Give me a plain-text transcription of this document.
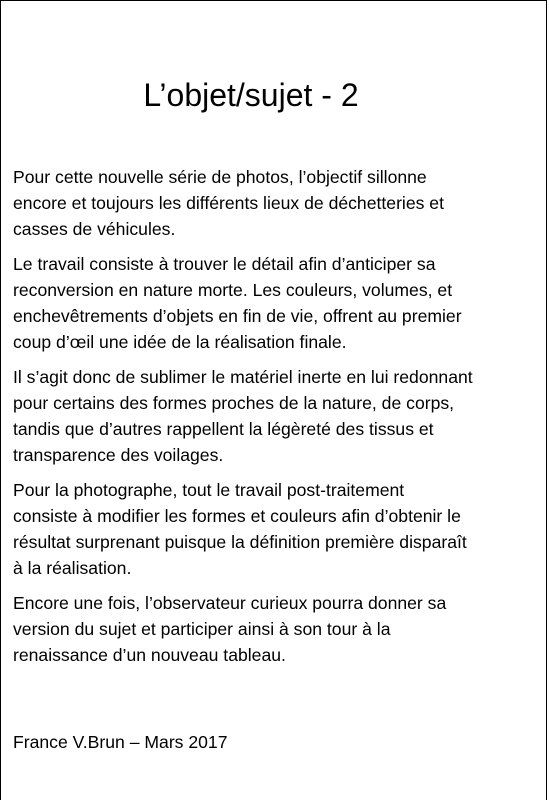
L’objet/sujet - 2

Pour cette nouvelle série de photos, l’objectif sillonne
encore et toujours les différents lieux de déchetteries et
casses de véhicules.

Le travail consiste à trouver le détail afin d’anticiper sa
reconversion en nature morte. Les couleurs, volumes, et
enchevêtrements d’objets en fin de vie, offrent au premier
coup d’œil une idée de la réalisation finale.

Il s’agit donc de sublimer le matériel inerte en lui redonnant
pour certains des formes proches de la nature, de corps,
tandis que d’autres rappellent la légèreté des tissus et
transparence des voilages.

Pour la photographe, tout le travail post-traitement
consiste à modifier les formes et couleurs afin d’obtenir le
résultat surprenant puisque la définition première disparaît
à la réalisation.

Encore une fois, l’observateur curieux pourra donner sa
version du sujet et participer ainsi à son tour à la
renaissance d’un nouveau tableau.

France V.Brun – Mars 2017
